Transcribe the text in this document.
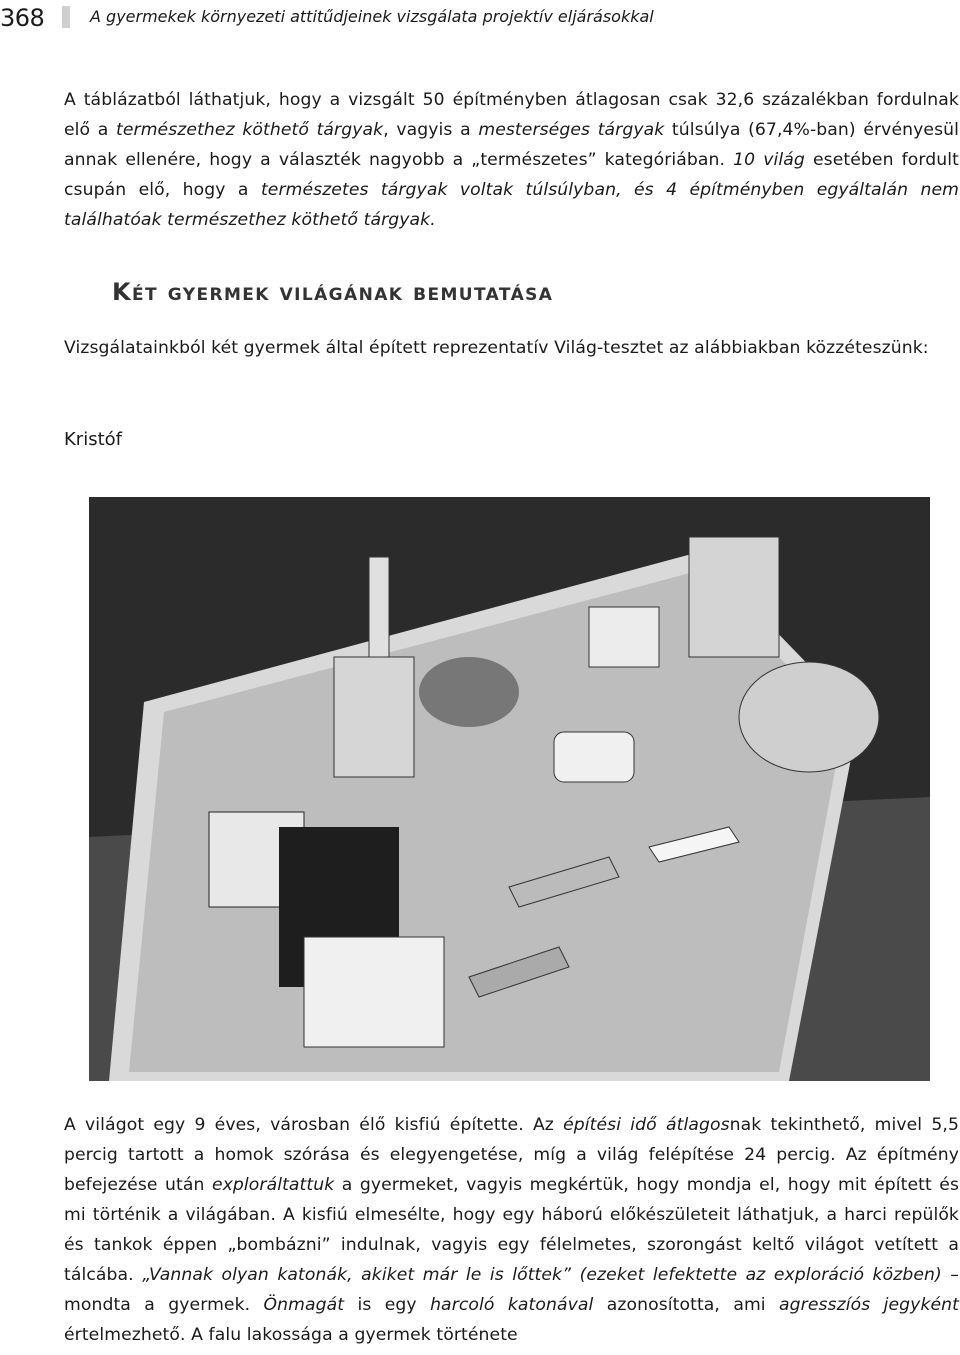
368	A gyermekek környezeti attitűdjeinek vizsgálata projektív eljárásokkal

A táblázatból láthatjuk, hogy a vizsgált 50 építményben átlagosan csak 32,6 százalékban fordulnak elő a természethez köthető tárgyak, vagyis a mesterséges tárgyak túlsúlya (67,4%-ban) érvényesül annak ellenére, hogy a választék nagyobb a „természetes” kategóriában. 10 világ esetében fordult csupán elő, hogy a természetes tárgyak voltak túlsúlyban, és 4 építményben egyáltalán nem találhatóak természethez köthető tárgyak.

Két gyermek világának bemutatása

Vizsgálatainkból két gyermek által épített reprezentatív Világ-tesztet az alábbiakban közzéteszünk:

Kristóf

A világot egy 9 éves, városban élő kisfiú építette. Az építési idő átlagosnak tekinthető, mivel 5,5 percig tartott a homok szórása és elegyengetése, míg a világ felépítése 24 percig. Az építmény befejezése után exploráltattuk a gyermeket, vagyis megkértük, hogy mondja el, hogy mit épített és mi történik a világában. A kisfiú elmesélte, hogy egy háború előkészületeit láthatjuk, a harci repülők és tankok éppen „bombázni” indulnak, vagyis egy félelmetes, szorongást keltő világot vetített a tálcába. „Vannak olyan katonák, akiket már le is lőttek” (ezeket lefektette az exploráció közben) – mondta a gyermek. Önmagát is egy harcoló katonával azonosította, ami agresszíós jegyként értelmezhető. A falu lakossága a gyermek története
